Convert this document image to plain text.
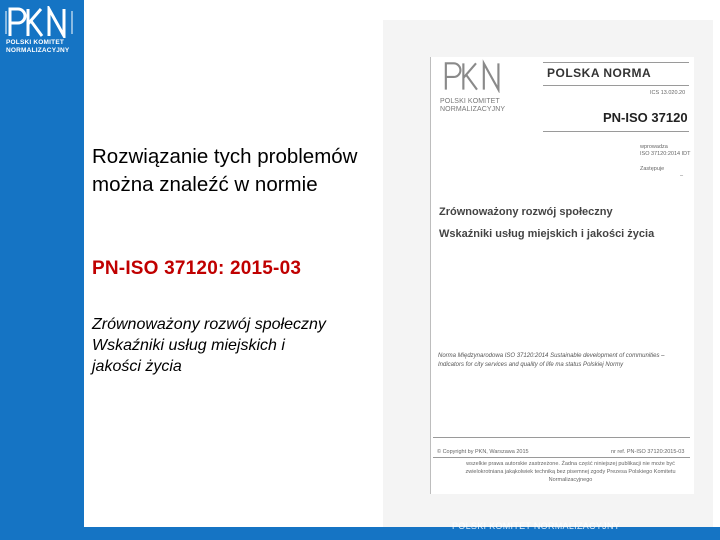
POLSKI KOMITET
NORMALIZACYJNY
Rozwiązanie tych problemów można znaleźć w normie
PN-ISO 37120: 2015-03
Zrównoważony rozwój społeczny
Wskaźniki usług miejskich i
jakości życia
POLSKI KOMITET
NORMALIZACYJNY
POLSKA NORMA
ICS 13.020.20
PN-ISO 37120
wprowadza
ISO 37120:2014 IDT
Zastępuje
–
Zrównoważony rozwój społeczny
Wskaźniki usług miejskich i jakości życia
Norma Międzynarodowa ISO 37120:2014 Sustainable development of communities – Indicators for city services and quality of life ma status Polskiej Normy
© Copyright by PKN, Warszawa 2015	nr ref. PN-ISO 37120:2015-03
wszelkie prawa autorskie zastrzeżone. Żadna część niniejszej publikacji nie może być zwielokrotniana jakąkolwiek techniką bez pisemnej zgody Prezesa Polskiego Komitetu Normalizacyjnego
POLSKI KOMITET NORMALIZACYJNY
